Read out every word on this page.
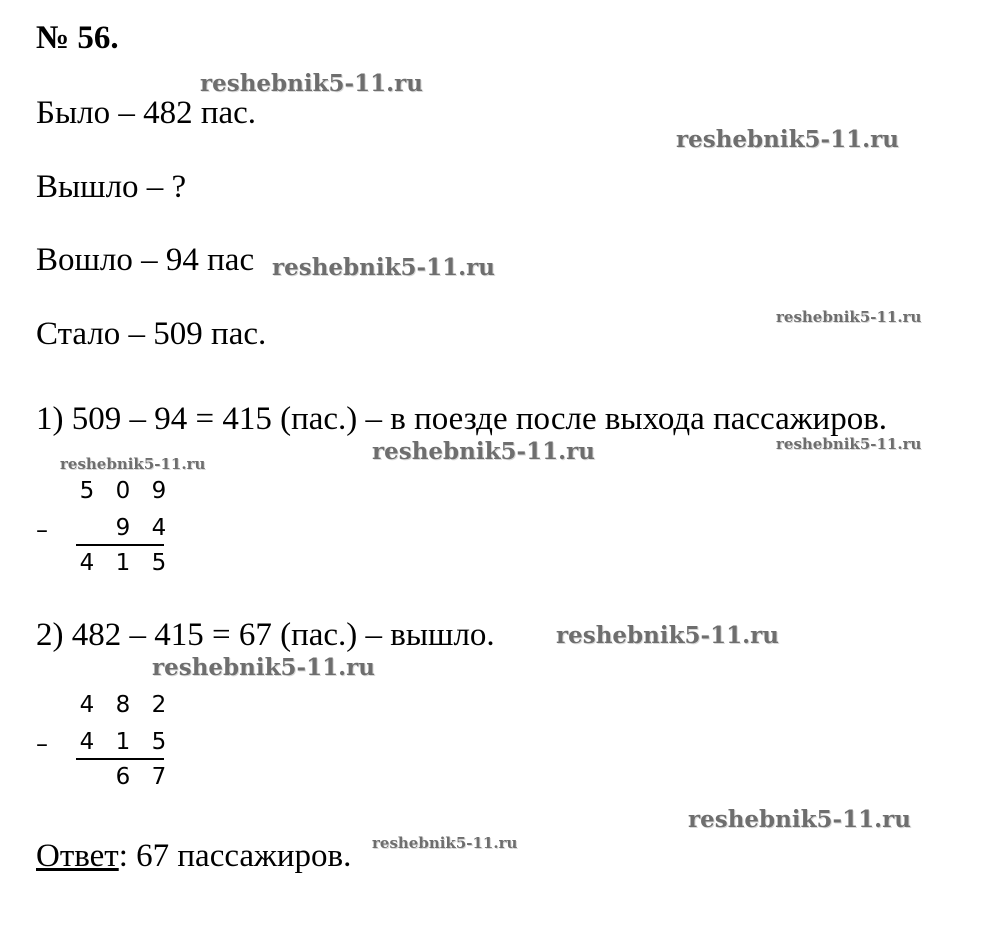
№ 56.
Было – 482 пас.
Вышло – ?
Вошло – 94 пас
Стало – 509 пас.
1) 509 – 94 = 415 (пас.) – в поезде после выхода пассажиров.
–
5 0 9
9 4
4 1 5
2) 482 – 415 = 67 (пас.) – вышло.
–
4 8 2
4 1 5
6 7
Ответ: 67 пассажиров.
reshebnik5-11.ru
reshebnik5-11.ru
reshebnik5-11.ru
reshebnik5-11.ru
reshebnik5-11.ru	reshebnik5-11.ru
reshebnik5-11.ru
reshebnik5-11.ru
reshebnik5-11.ru
reshebnik5-11.ru
reshebnik5-11.ru
